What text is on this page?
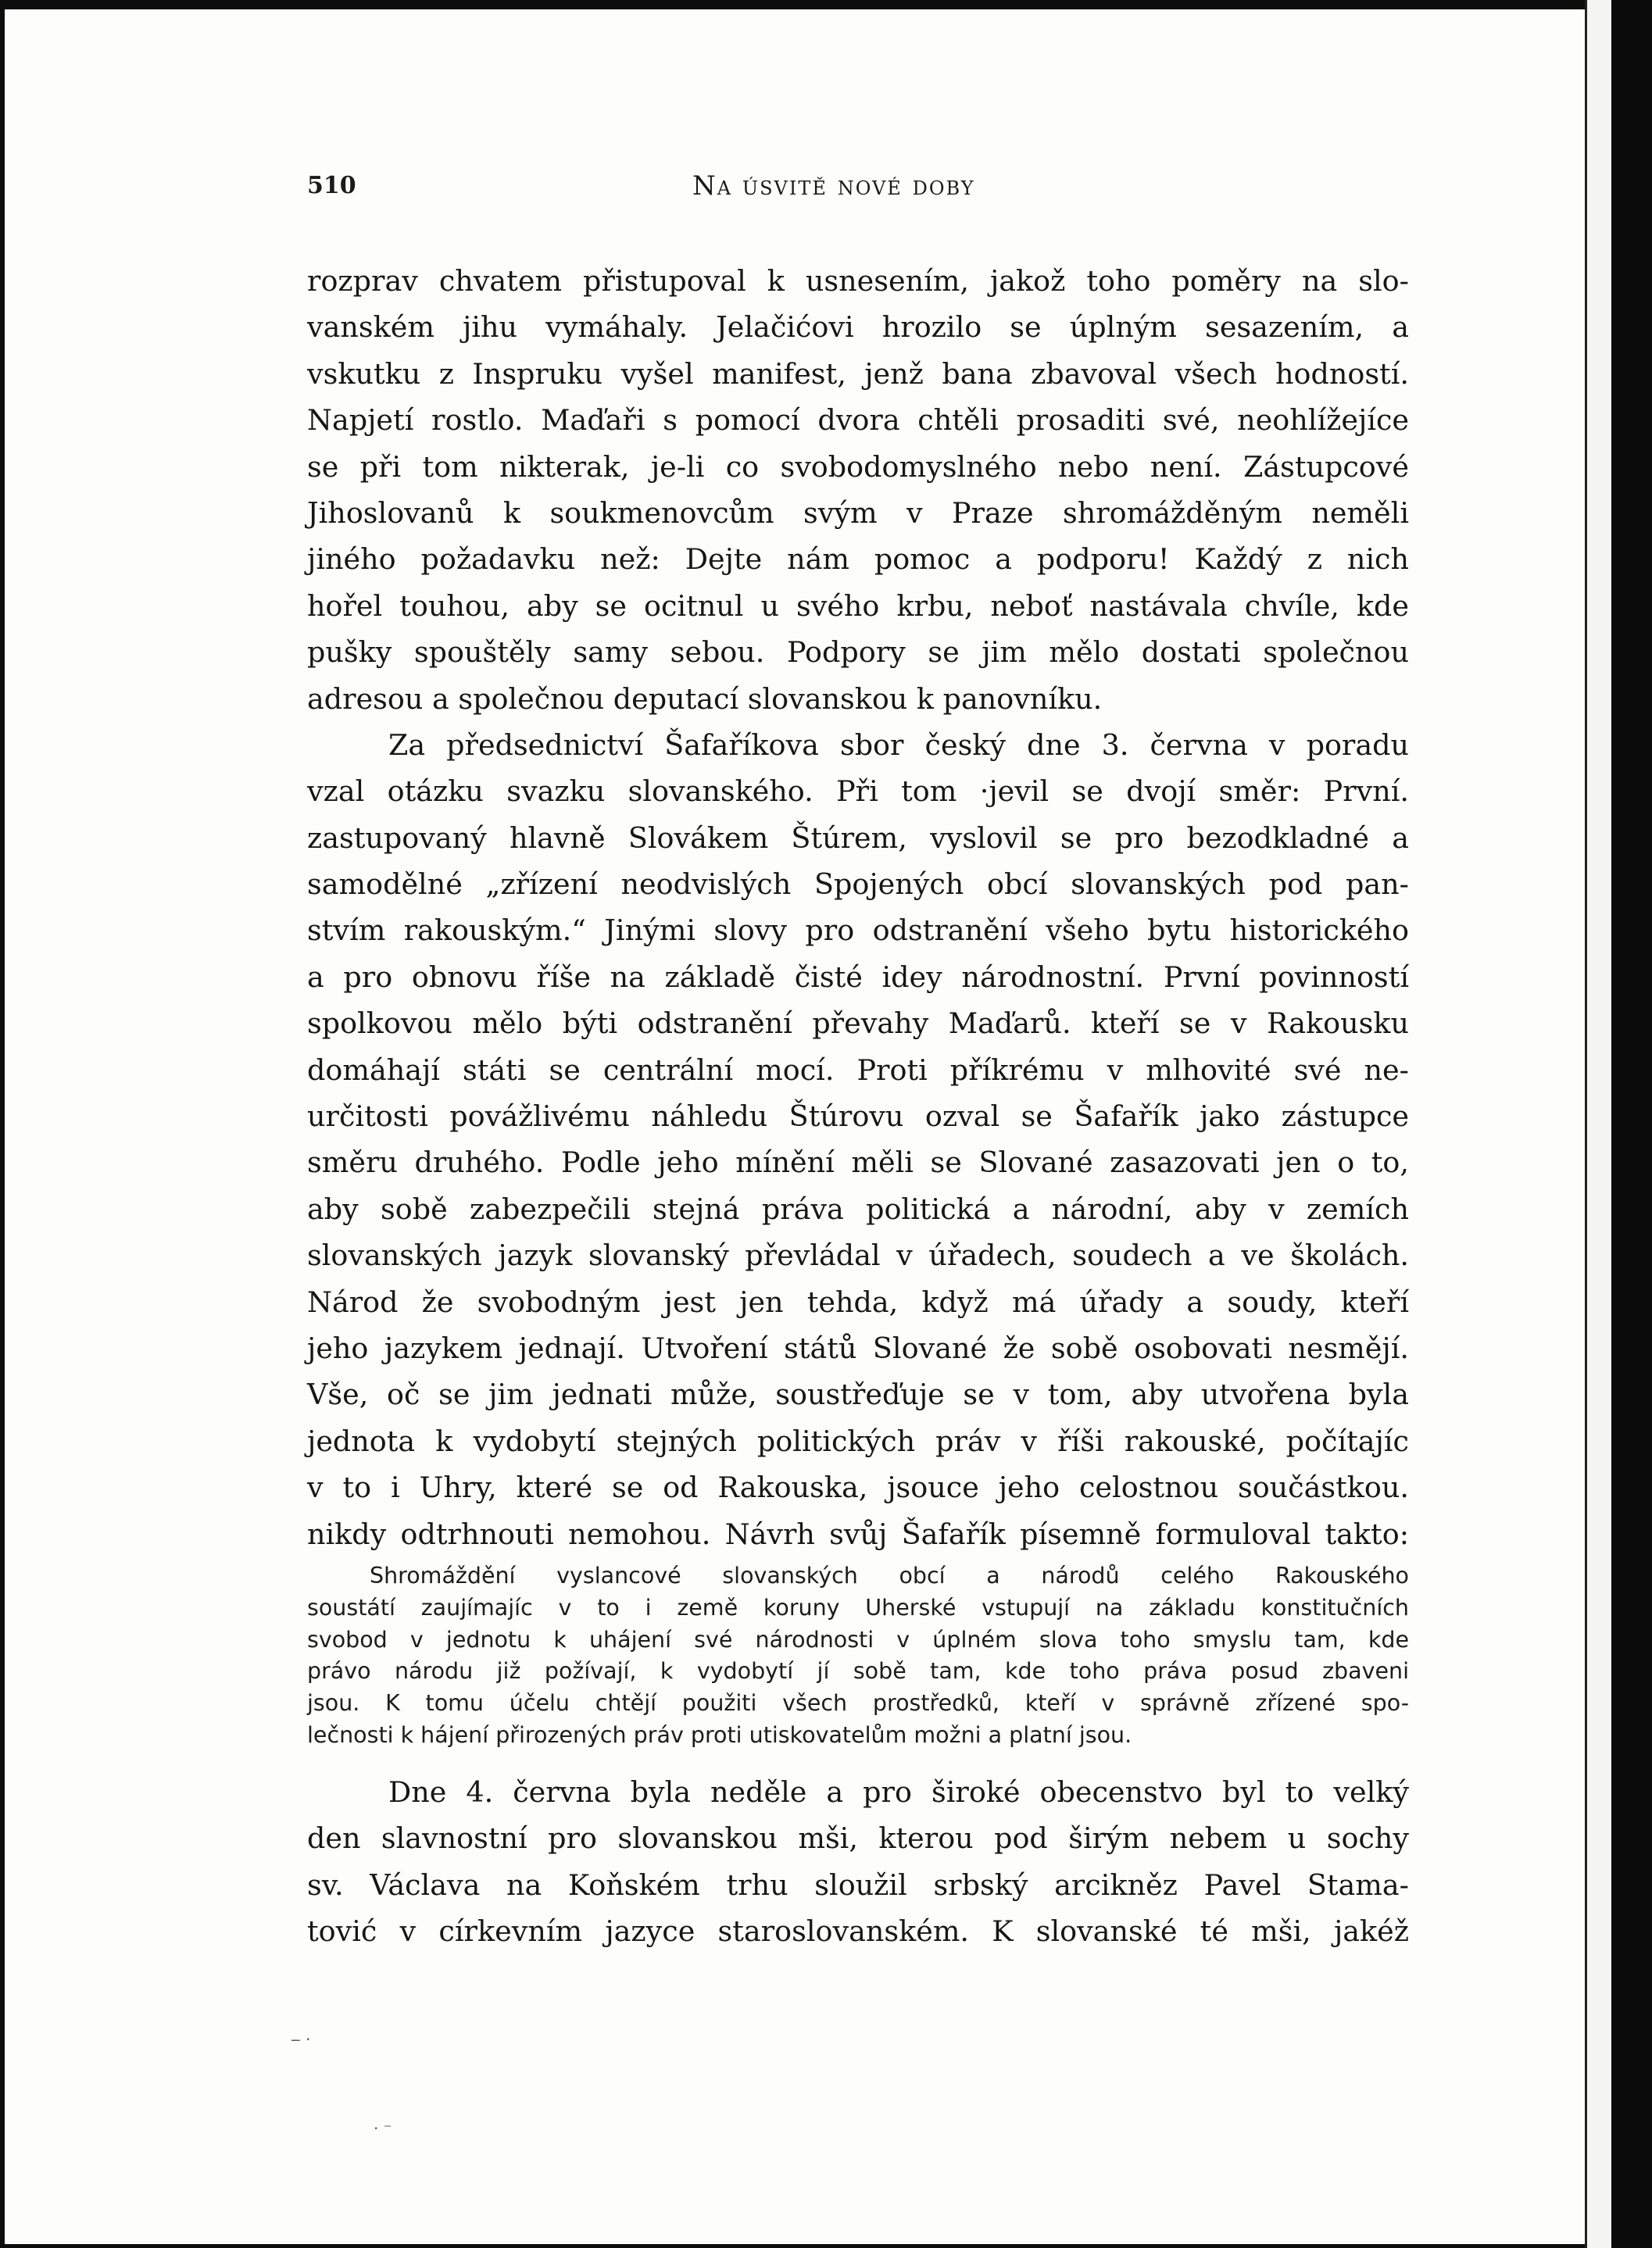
510	Na úsvitě nové doby
rozprav chvatem přistupoval k usnesením, jakož toho poměry na slo-
vanském jihu vymáhaly. Jelačićovi hrozilo se úplným sesazením, a
vskutku z Inspruku vyšel manifest, jenž bana zbavoval všech hodností.
Napjetí rostlo. Maďaři s pomocí dvora chtěli prosaditi své, neohlížejíce
se při tom nikterak, je-li co svobodomyslného nebo není. Zástupcové
Jihoslovanů k soukmenovcům svým v Praze shromážděným neměli
jiného požadavku než: Dejte nám pomoc a podporu! Každý z nich
hořel touhou, aby se ocitnul u svého krbu, neboť nastávala chvíle, kde
pušky spouštěly samy sebou. Podpory se jim mělo dostati společnou
adresou a společnou deputací slovanskou k panovníku.
Za předsednictví Šafaříkova sbor český dne 3. června v poradu
vzal otázku svazku slovanského. Při tom ·jevil se dvojí směr: První.
zastupovaný hlavně Slovákem Štúrem, vyslovil se pro bezodkladné a
samodělné „zřízení neodvislých Spojených obcí slovanských pod pan-
stvím rakouským.“ Jinými slovy pro odstranění všeho bytu historického
a pro obnovu říše na základě čisté idey národnostní. První povinností
spolkovou mělo býti odstranění převahy Maďarů. kteří se v Rakousku
domáhají státi se centrální mocí. Proti příkrému v mlhovité své ne-
určitosti povážlivému náhledu Štúrovu ozval se Šafařík jako zástupce
směru druhého. Podle jeho mínění měli se Slované zasazovati jen o to,
aby sobě zabezpečili stejná práva politická a národní, aby v zemích
slovanských jazyk slovanský převládal v úřadech, soudech a ve školách.
Národ že svobodným jest jen tehda, když má úřady a soudy, kteří
jeho jazykem jednají. Utvoření států Slované že sobě osobovati nesmějí.
Vše, oč se jim jednati může, soustřeďuje se v tom, aby utvořena byla
jednota k vydobytí stejných politických práv v říši rakouské, počítajíc
v to i Uhry, které se od Rakouska, jsouce jeho celostnou součástkou.
nikdy odtrhnouti nemohou. Návrh svůj Šafařík písemně formuloval takto:
Shromáždění vyslancové slovanských obcí a národů celého Rakouského
soustátí zaujímajíc v to i země koruny Uherské vstupují na základu konstitučních
svobod v jednotu k uhájení své národnosti v úplném slova toho smyslu tam, kde
právo národu již požívají, k vydobytí jí sobě tam, kde toho práva posud zbaveni
jsou. K tomu účelu chtějí použiti všech prostředků, kteří v správně zřízené spo-
lečnosti k hájení přirozených práv proti utiskovatelům možni a platní jsou.
Dne 4. června byla neděle a pro široké obecenstvo byl to velký
den slavnostní pro slovanskou mši, kterou pod širým nebem u sochy
sv. Václava na Koňském trhu sloužil srbský arcikněz Pavel Stama-
tović v církevním jazyce staroslovanském. K slovanské té mši, jakéž
‒ ·
· ⁻
